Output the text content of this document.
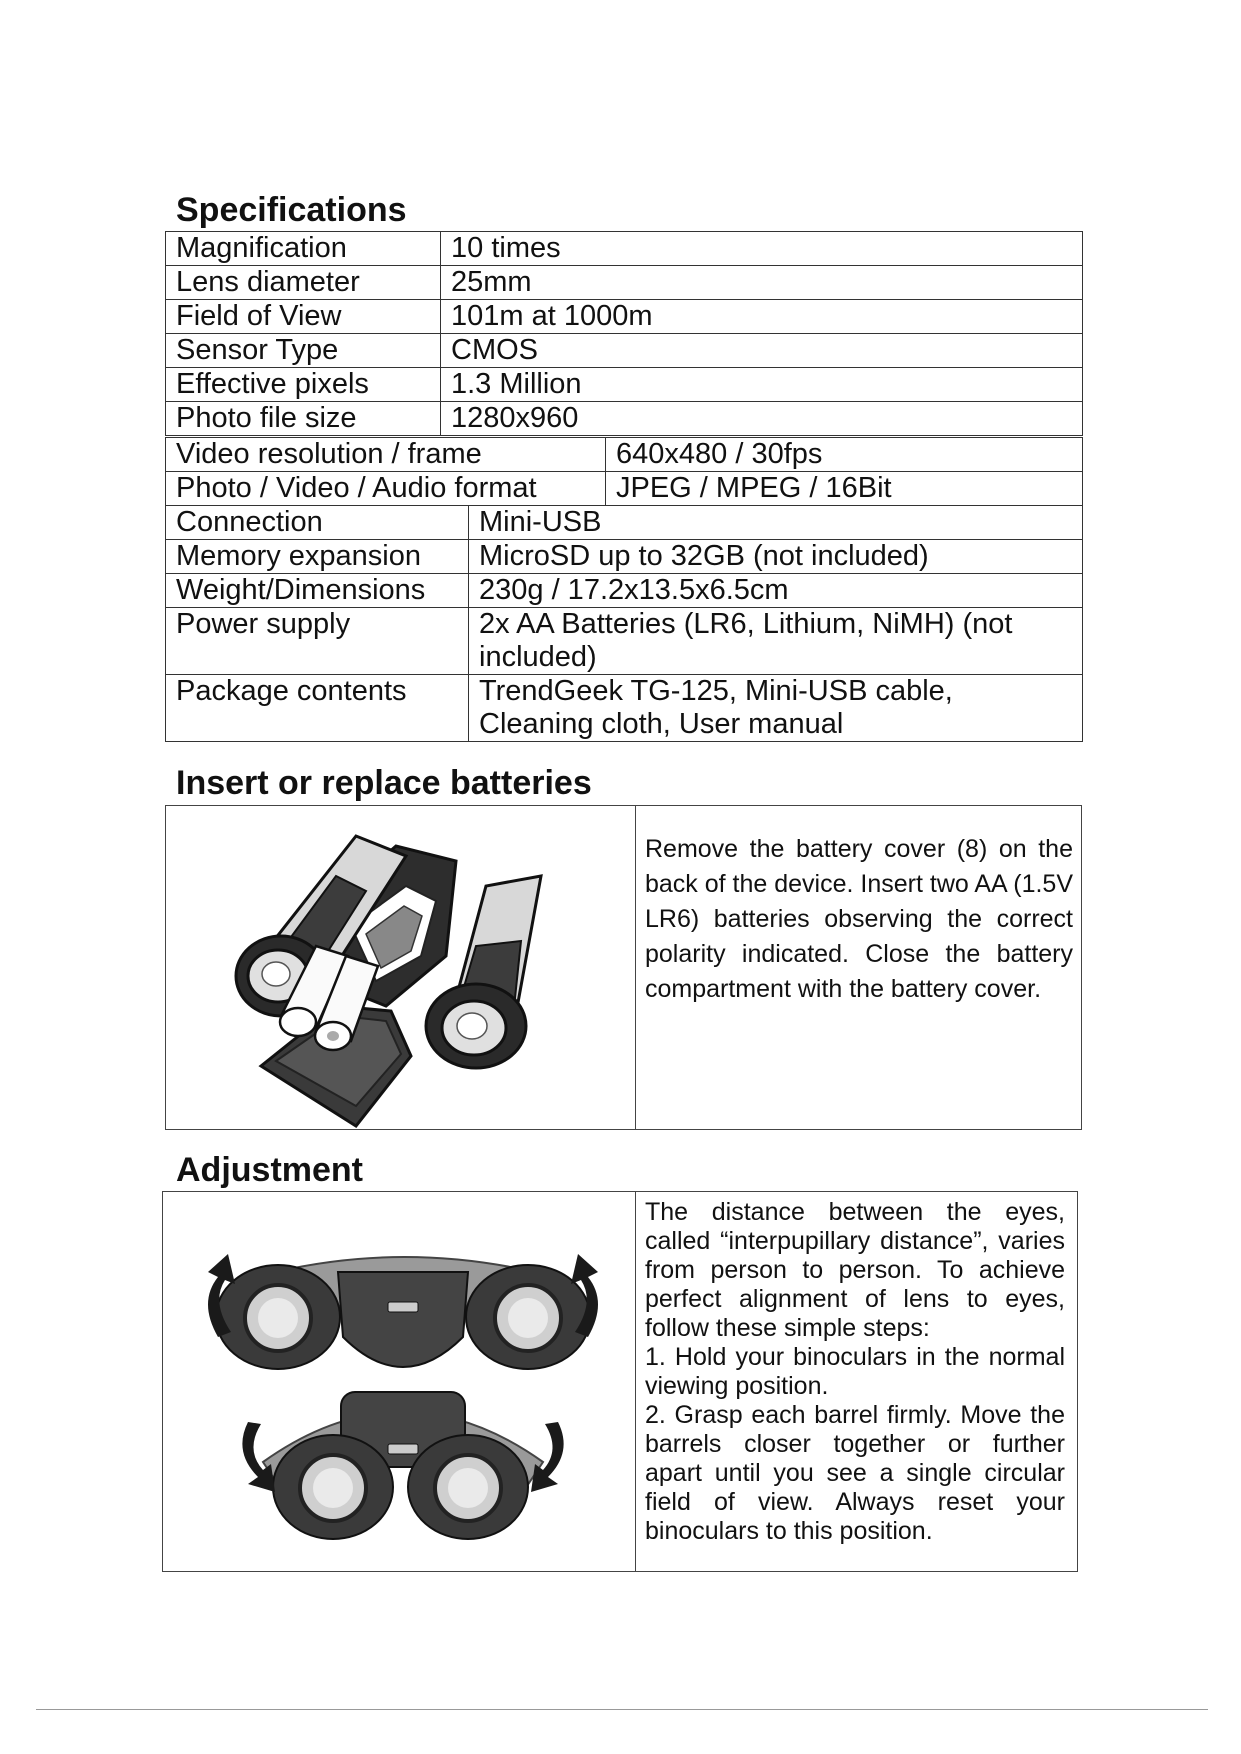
Specifications
Magnification	10 times
Lens diameter	25mm
Field of View	101m at 1000m
Sensor Type	CMOS
Effective pixels	1.3 Million
Photo file size	1280x960
Video resolution / frame	640x480 / 30fps
Photo / Video / Audio format	JPEG / MPEG / 16Bit
Connection	Mini-USB
Memory expansion	MicroSD up to 32GB (not included)
Weight/Dimensions	230g / 17.2x13.5x6.5cm
Power supply	2x AA Batteries (LR6, Lithium, NiMH) (not included)
Package contents	TrendGeek TG-125, Mini-USB cable, Cleaning cloth, User manual
Insert or replace batteries
Remove the battery cover (8) on the back of the device. Insert two AA (1.5V LR6) batteries observing the correct polarity indicated. Close the battery compartment with the battery cover.
Adjustment
The distance between the eyes, called “interpupillary distance”, varies from person to person. To achieve perfect alignment of lens to eyes, follow these simple steps:
1. Hold your binoculars in the normal viewing position.
2. Grasp each barrel firmly. Move the barrels closer together or further apart until you see a single circular field of view. Always reset your binoculars to this position.
